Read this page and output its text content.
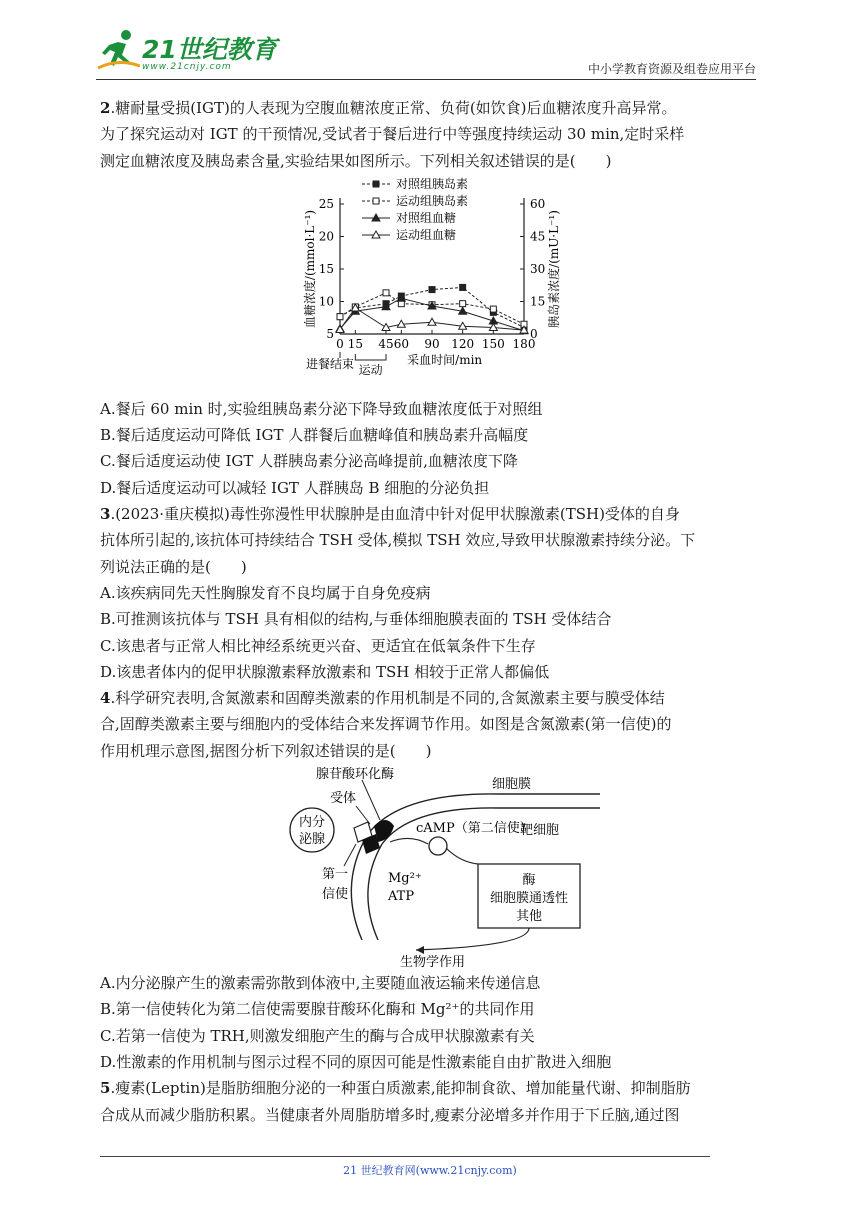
21世纪教育
www.21cnjy.com	中小学教育资源及组卷应用平台

2.糖耐量受损(IGT)的人表现为空腹血糖浓度正常、负荷(如饮食)后血糖浓度升高异常。

为了探究运动对 IGT 的干预情况,受试者于餐后进行中等强度持续运动 30 min,定时采样

测定血糖浓度及胰岛素含量,实验结果如图所示。下列相关叙述错误的是(　　)

5
10
15
20
25
0
15
30
45
60
0 15 45 60 90 120 150 180
血糖浓度/(mmol·L⁻¹)	胰岛素浓度/(mU·L⁻¹)
采血时间/min
进餐结束 运动
对照组胰岛素
运动组胰岛素
对照组血糖
运动组血糖

A.餐后 60 min 时,实验组胰岛素分泌下降导致血糖浓度低于对照组

B.餐后适度运动可降低 IGT 人群餐后血糖峰值和胰岛素升高幅度

C.餐后适度运动使 IGT 人群胰岛素分泌高峰提前,血糖浓度下降

D.餐后适度运动可以减轻 IGT 人群胰岛 B 细胞的分泌负担

3.(2023·重庆模拟)毒性弥漫性甲状腺肿是由血清中针对促甲状腺激素(TSH)受体的自身

抗体所引起的,该抗体可持续结合 TSH 受体,模拟 TSH 效应,导致甲状腺激素持续分泌。下

列说法正确的是(　　)

A.该疾病同先天性胸腺发育不良均属于自身免疫病

B.可推测该抗体与 TSH 具有相似的结构,与垂体细胞膜表面的 TSH 受体结合

C.该患者与正常人相比神经系统更兴奋、更适宜在低氧条件下生存

D.该患者体内的促甲状腺激素释放激素和 TSH 相较于正常人都偏低

4.科学研究表明,含氮激素和固醇类激素的作用机制是不同的,含氮激素主要与膜受体结

合,固醇类激素主要与细胞内的受体结合来发挥调节作用。如图是含氮激素(第一信使)的

作用机理示意图,据图分析下列叙述错误的是(　　)

内分
泌腺
腺苷酸环化酶
细胞膜
受体
cAMP（第二信使）
靶细胞
第一
信使
Mg²⁺
ATP
酶
细胞膜通透性
其他
生物学作用

A.内分泌腺产生的激素需弥散到体液中,主要随血液运输来传递信息

B.第一信使转化为第二信使需要腺苷酸环化酶和 Mg²⁺的共同作用

C.若第一信使为 TRH,则激发细胞产生的酶与合成甲状腺激素有关

D.性激素的作用机制与图示过程不同的原因可能是性激素能自由扩散进入细胞

5.瘦素(Leptin)是脂肪细胞分泌的一种蛋白质激素,能抑制食欲、增加能量代谢、抑制脂肪

合成从而减少脂肪积累。当健康者外周脂肪增多时,瘦素分泌增多并作用于下丘脑,通过图

21 世纪教育网(www.21cnjy.com)
